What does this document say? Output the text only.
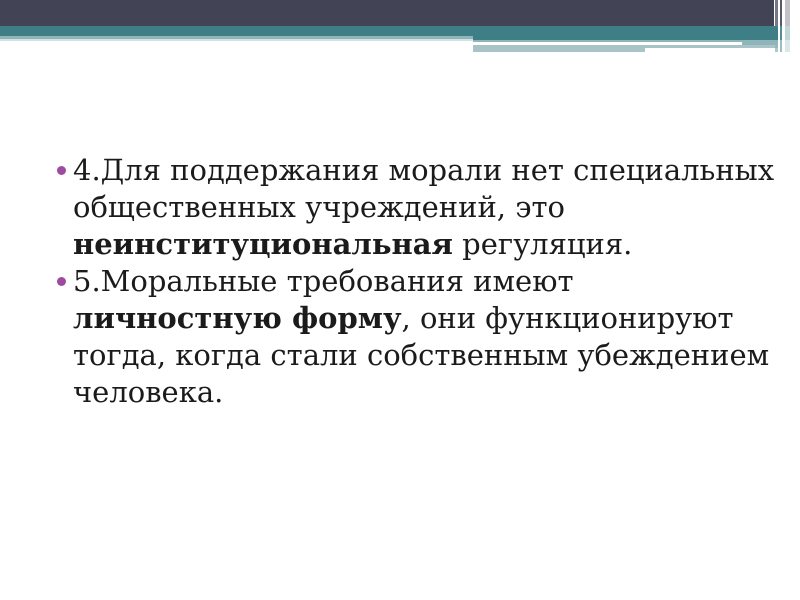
4.Для поддержания морали нет специальных
общественных учреждений, это
неинституциональная регуляция.
5.Моральные требования имеют
личностную форму, они функционируют
тогда, когда стали собственным убеждением
человека.
